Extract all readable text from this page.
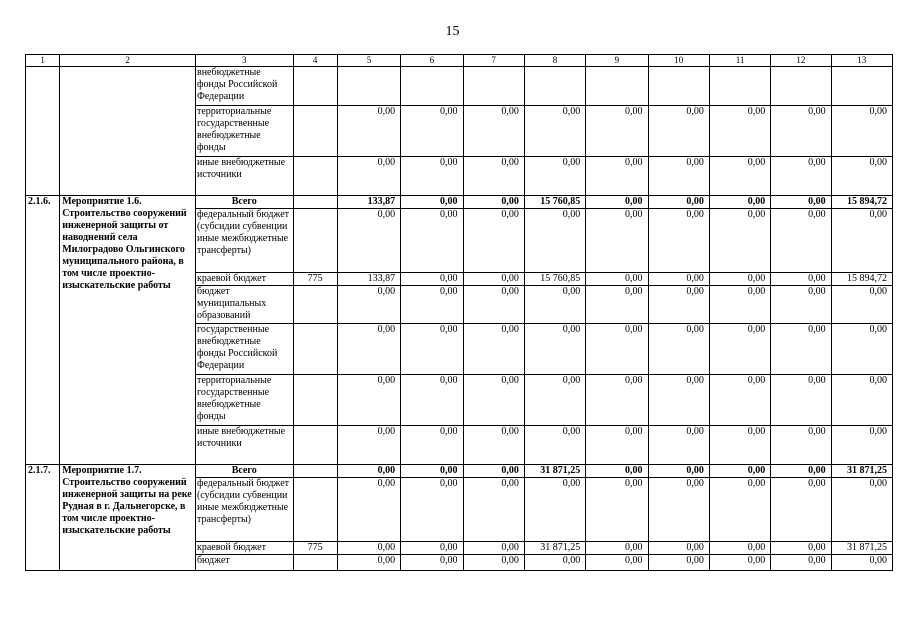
15
1	2	3	4	5	6	7	8	9	10	11	12	13
		внебюджетные фонды Российской Федерации										
		территориальные государственные внебюджетные фонды		0,00	0,00	0,00	0,00	0,00	0,00	0,00	0,00	0,00
		иные внебюджетные источники		0,00	0,00	0,00	0,00	0,00	0,00	0,00	0,00	0,00
2.1.6.	Мероприятие 1.6. Строительство сооружений инженерной защиты от наводнений села Милоградово Ольгинского муниципального района, в том числе проектно-изыскательские работы	Всего		133,87	0,00	0,00	15 760,85	0,00	0,00	0,00	0,00	15 894,72
		федеральный бюджет (субсидии субвенции иные межбюджетные трансферты)		0,00	0,00	0,00	0,00	0,00	0,00	0,00	0,00	0,00
		краевой бюджет	775	133,87	0,00	0,00	15 760,85	0,00	0,00	0,00	0,00	15 894,72
		бюджет муниципальных образований		0,00	0,00	0,00	0,00	0,00	0,00	0,00	0,00	0,00
		государственные внебюджетные фонды Российской Федерации		0,00	0,00	0,00	0,00	0,00	0,00	0,00	0,00	0,00
		территориальные государственные внебюджетные фонды		0,00	0,00	0,00	0,00	0,00	0,00	0,00	0,00	0,00
		иные внебюджетные источники		0,00	0,00	0,00	0,00	0,00	0,00	0,00	0,00	0,00
2.1.7.	Мероприятие 1.7. Строительство сооружений инженерной защиты на реке Рудная в г. Дальнегорске, в том числе проектно-изыскательские работы	Всего		0,00	0,00	0,00	31 871,25	0,00	0,00	0,00	0,00	31 871,25
		федеральный бюджет (субсидии субвенции иные межбюджетные трансферты)		0,00	0,00	0,00	0,00	0,00	0,00	0,00	0,00	0,00
		краевой бюджет	775	0,00	0,00	0,00	31 871,25	0,00	0,00	0,00	0,00	31 871,25
		бюджет		0,00	0,00	0,00	0,00	0,00	0,00	0,00	0,00	0,00
